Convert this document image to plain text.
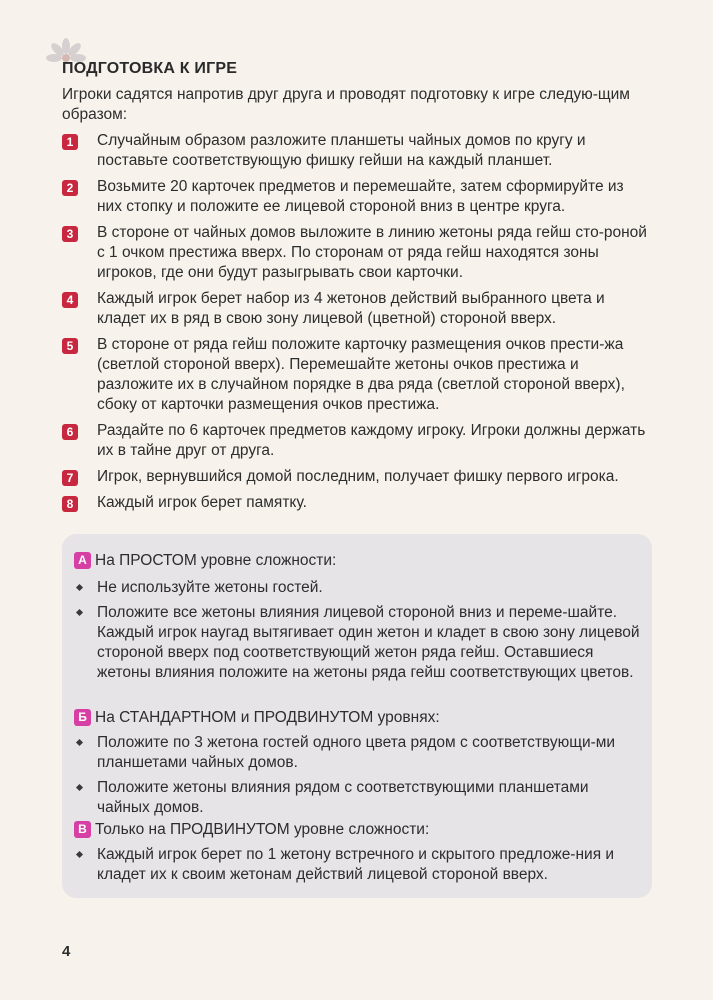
ПОДГОТОВКА К ИГРЕ
Игроки садятся напротив друг друга и проводят подготовку к игре следую-щим образом:
1	Случайным образом разложите планшеты чайных домов по кругу и поставьте соответствующую фишку гейши на каждый планшет.
2	Возьмите 20 карточек предметов и перемешайте, затем сформируйте из них стопку и положите ее лицевой стороной вниз в центре круга.
3	В стороне от чайных домов выложите в линию жетоны ряда гейш сто-роной с 1 очком престижа вверх. По сторонам от ряда гейш находятся зоны игроков, где они будут разыгрывать свои карточки.
4	Каждый игрок берет набор из 4 жетонов действий выбранного цвета и кладет их в ряд в свою зону лицевой (цветной) стороной вверх.
5	В стороне от ряда гейш положите карточку размещения очков прести-жа (светлой стороной вверх). Перемешайте жетоны очков престижа и разложите их в случайном порядке в два ряда (светлой стороной вверх), сбоку от карточки размещения очков престижа.
6	Раздайте по 6 карточек предметов каждому игроку. Игроки должны держать их в тайне друг от друга.
7	Игрок, вернувшийся домой последним, получает фишку первого игрока.
8	Каждый игрок берет памятку.
А На ПРОСТОМ уровне сложности:
Не используйте жетоны гостей.
Положите все жетоны влияния лицевой стороной вниз и переме-шайте. Каждый игрок наугад вытягивает один жетон и кладет в свою зону лицевой стороной вверх под соответствующий жетон ряда гейш. Оставшиеся жетоны влияния положите на жетоны ряда гейш соответствующих цветов.
Б На СТАНДАРТНОМ и ПРОДВИНУТОМ уровнях:
Положите по 3 жетона гостей одного цвета рядом с соответствующи-ми планшетами чайных домов.
Положите жетоны влияния рядом с соответствующими планшетами чайных домов.
В Только на ПРОДВИНУТОМ уровне сложности:
Каждый игрок берет по 1 жетону встречного и скрытого предложе-ния и кладет их к своим жетонам действий лицевой стороной вверх.
4
